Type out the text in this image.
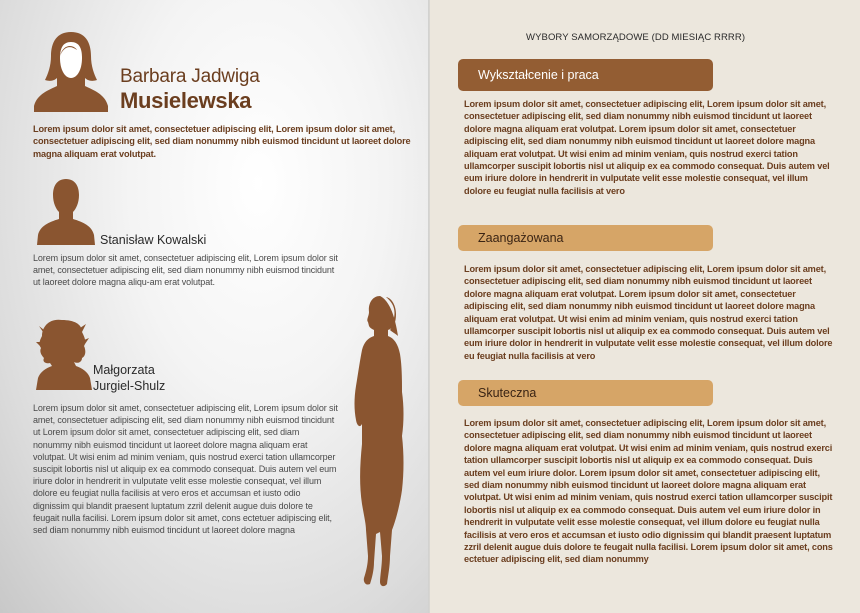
Barbara Jadwiga
Musielewska
Lorem ipsum dolor sit amet, consectetuer adipiscing elit, Lorem ipsum dolor sit amet, consectetuer adipiscing elit, sed diam nonummy nibh euismod tincidunt ut laoreet dolore magna aliquam erat volutpat.
Stanisław Kowalski
Lorem ipsum dolor sit amet, consectetuer adipiscing elit, Lorem ipsum dolor sit amet, consectetuer adipiscing elit, sed diam nonummy nibh euismod tincidunt ut laoreet dolore magna aliqu-am erat volutpat.
Małgorzata
Jurgiel-Shulz
Lorem ipsum dolor sit amet, consectetuer adipiscing elit, Lorem ipsum dolor sit amet, consectetuer adipiscing elit, sed diam nonummy nibh euismod tincidunt ut Lorem ipsum dolor sit amet, consectetuer adipiscing elit, sed diam nonummy nibh euismod tincidunt ut laoreet dolore magna aliquam erat volutpat. Ut wisi enim ad minim veniam, quis nostrud exerci tation ullamcorper suscipit lobortis nisl ut aliquip ex ea commodo consequat. Duis autem vel eum iriure dolor in hendrerit in vulputate velit esse molestie consequat, vel illum dolore eu feugiat nulla facilisis at vero eros et accumsan et iusto odio dignissim qui blandit praesent luptatum zzril delenit augue duis dolore te feugait nulla facilisi. Lorem ipsum dolor sit amet, cons ectetuer adipiscing elit, sed diam nonummy nibh euismod tincidunt ut laoreet dolore magna
WYBORY SAMORZĄDOWE (DD MIESIĄC RRRR)
Wykształcenie i praca
Lorem ipsum dolor sit amet, consectetuer adipiscing elit, Lorem ipsum dolor sit amet, consectetuer adipiscing elit, sed diam nonummy nibh euismod tincidunt ut laoreet dolore magna aliquam erat volutpat. Lorem ipsum dolor sit amet, consectetuer adipiscing elit, sed diam nonummy nibh euismod tincidunt ut laoreet dolore magna aliquam erat volutpat. Ut wisi enim ad minim veniam, quis nostrud exerci tation ullamcorper suscipit lobortis nisl ut aliquip ex ea commodo consequat. Duis autem vel eum iriure dolore in hendrerit in vulputate velit esse molestie consequat, vel illum dolore eu feugiat nulla facilisis at vero
Zaangażowana
Lorem ipsum dolor sit amet, consectetuer adipiscing elit, Lorem ipsum dolor sit amet, consectetuer adipiscing elit, sed diam nonummy nibh euismod tincidunt ut laoreet dolore magna aliquam erat volutpat. Lorem ipsum dolor sit amet, consectetuer adipiscing elit, sed diam nonummy nibh euismod tincidunt ut laoreet dolore magna aliquam erat volutpat. Ut wisi enim ad minim veniam, quis nostrud exerci tation ullamcorper suscipit lobortis nisl ut aliquip ex ea commodo consequat. Duis autem vel eum iriure dolor in hendrerit in vulputate velit esse molestie consequat, vel illum dolore eu feugiat nulla facilisis at vero
Skuteczna
Lorem ipsum dolor sit amet, consectetuer adipiscing elit, Lorem ipsum dolor sit amet, consectetuer adipiscing elit, sed diam nonummy nibh euismod tincidunt ut laoreet dolore magna aliquam erat volutpat. Ut wisi enim ad minim veniam, quis nostrud exerci tation ullamcorper suscipit lobortis nisl ut aliquip ex ea commodo consequat. Duis autem vel eum iriure dolor. Lorem ipsum dolor sit amet, consectetuer adipiscing elit, sed diam nonummy nibh euismod tincidunt ut laoreet dolore magna aliquam erat volutpat. Ut wisi enim ad minim veniam, quis nostrud exerci tation ullamcorper suscipit lobortis nisl ut aliquip ex ea commodo consequat. Duis autem vel eum iriure dolor in hendrerit in vulputate velit esse molestie consequat, vel illum dolore eu feugiat nulla facilisis at vero eros et accumsan et iusto odio dignissim qui blandit praesent luptatum zzril delenit augue duis dolore te feugait nulla facilisi. Lorem ipsum dolor sit amet, cons ectetuer adipiscing elit, sed diam nonummy
